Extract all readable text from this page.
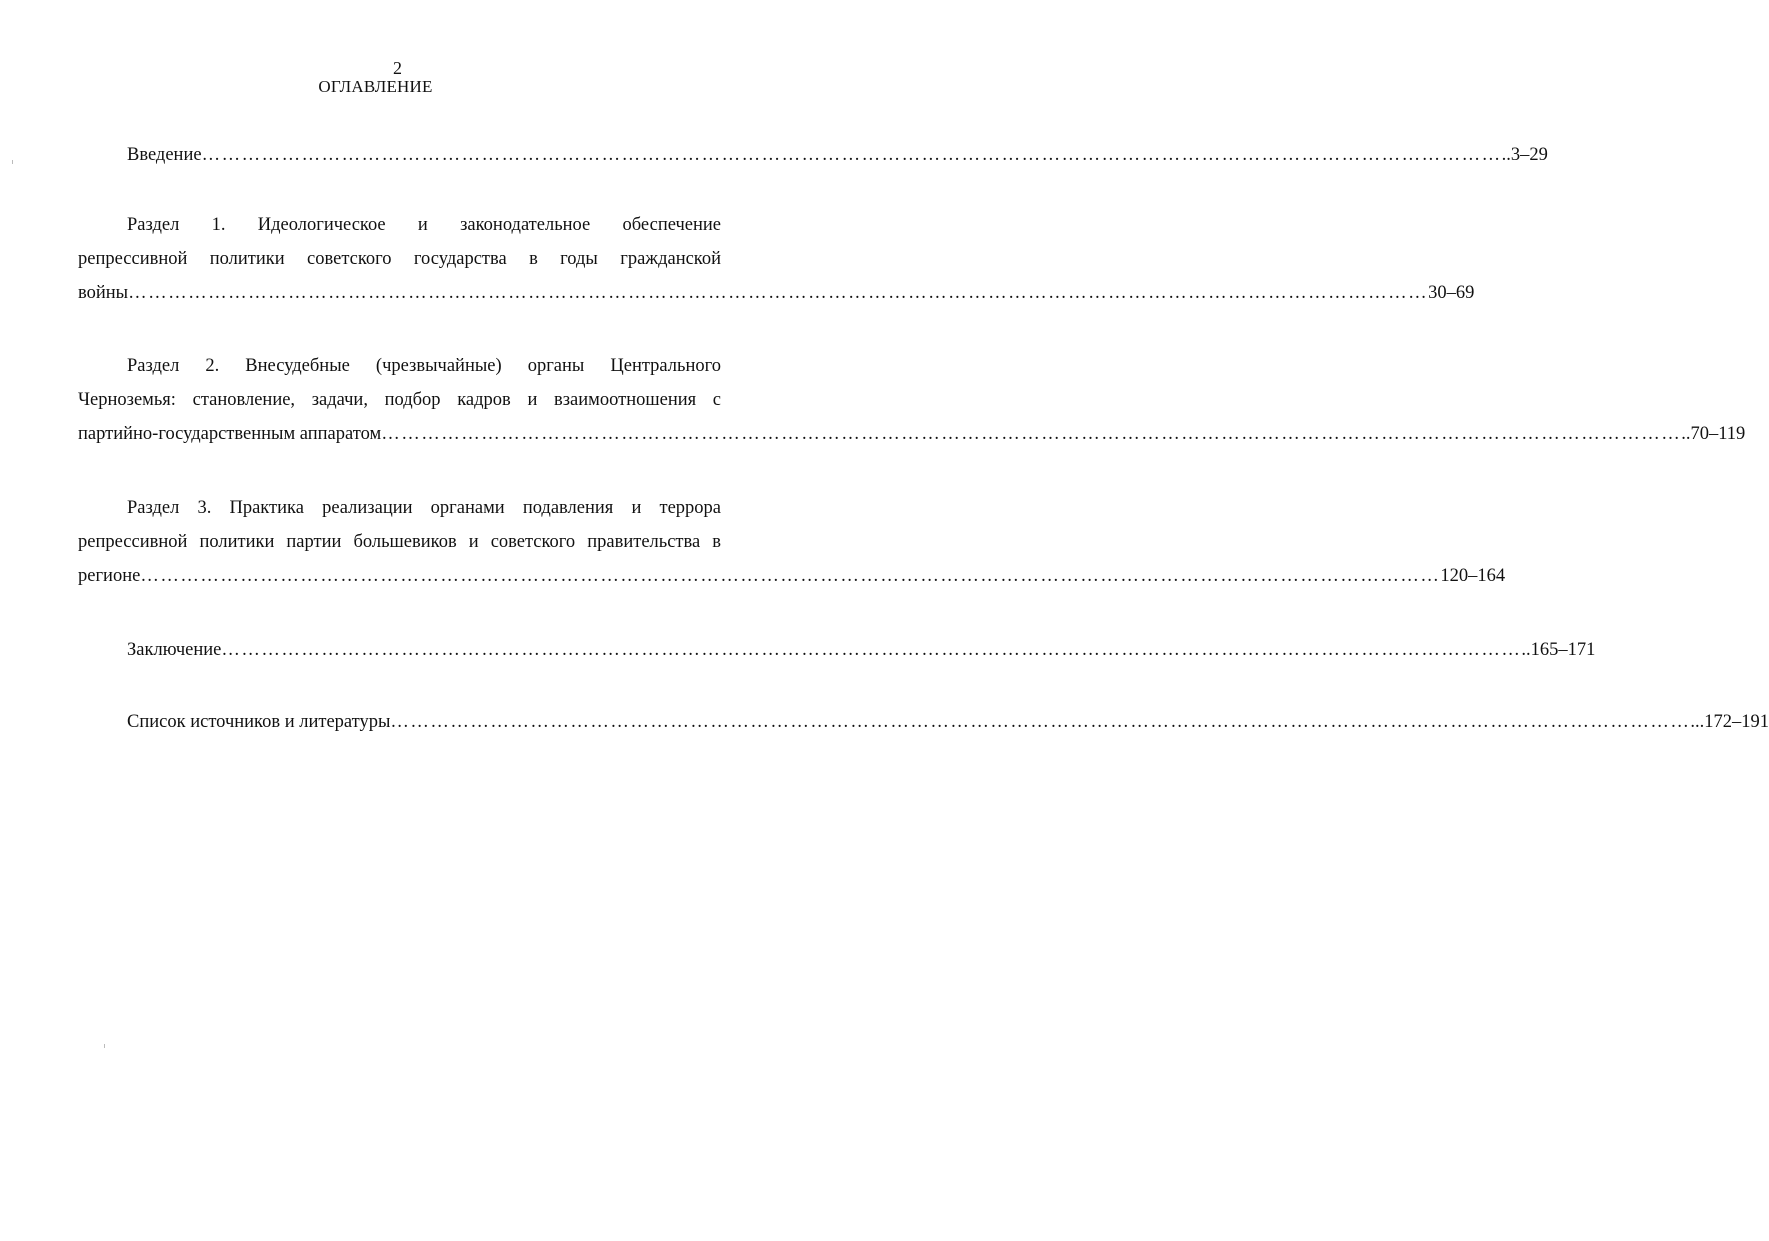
2
ОГЛАВЛЕНИЕ
Введение …………………………………………………………………………………………………………………………………………………………………………… ..3–29
Раздел 1. Идеологическое и законодательное обеспечение
репрессивной политики советского государства в годы гражданской
войны …………………………………………………………………………………………………………………………………………………………………………… 30–69
Раздел 2. Внесудебные (чрезвычайные) органы Центрального
Черноземья: становление, задачи, подбор кадров и взаимоотношения с
партийно-государственным аппаратом …………………………………………………………………………………………………………………………………………………………………………… ..70–119
Раздел 3. Практика реализации органами подавления и террора
репрессивной политики партии большевиков и советского правительства в
регионе …………………………………………………………………………………………………………………………………………………………………………… 120–164
Заключение …………………………………………………………………………………………………………………………………………………………………………… ..165–171
Список источников и литературы …………………………………………………………………………………………………………………………………………………………………………… ...172–191
